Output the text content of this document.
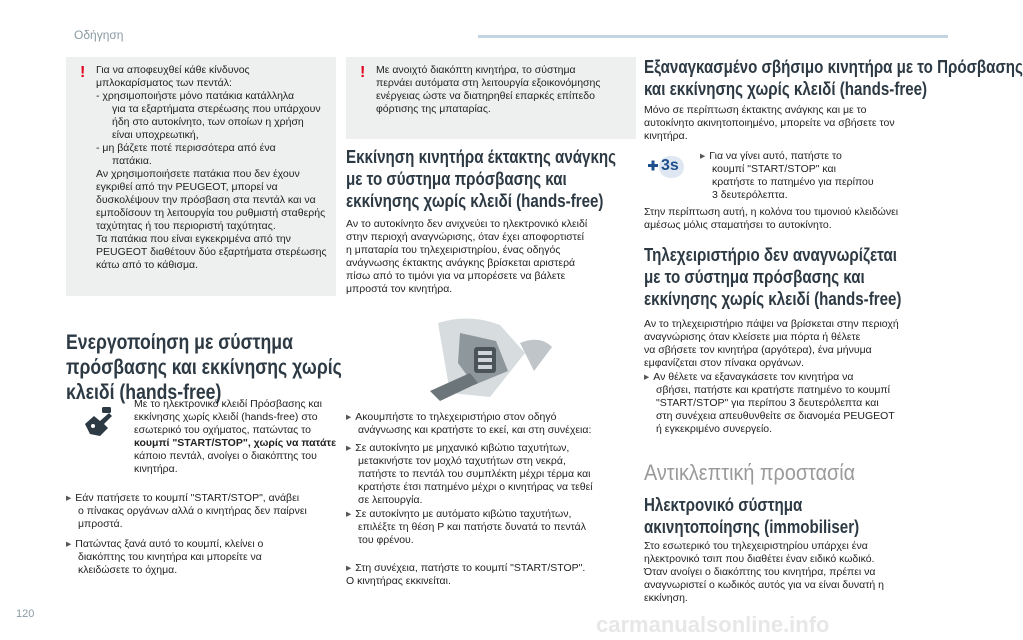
Οδήγηση
! Για να αποφευχθεί κάθε κίνδυνος
μπλοκαρίσματος των πεντάλ:
- χρησιμοποιήστε μόνο πατάκια κατάλληλα
για τα εξαρτήματα στερέωσης που υπάρχουν
ήδη στο αυτοκίνητο, των οποίων η χρήση
είναι υποχρεωτική,
- μη βάζετε ποτέ περισσότερα από ένα
πατάκια.
Αν χρησιμοποιήσετε πατάκια που δεν έχουν
εγκριθεί από την PEUGEOT, μπορεί να
δυσκολέψουν την πρόσβαση στα πεντάλ και να
εμποδίσουν τη λειτουργία του ρυθμιστή σταθερής
ταχύτητας ή του περιοριστή ταχύτητας.
Τα πατάκια που είναι εγκεκριμένα από την
PEUGEOT διαθέτουν δύο εξαρτήματα στερέωσης
κάτω από το κάθισμα.
Ενεργοποίηση με σύστημα
πρόσβασης και εκκίνησης χωρίς
κλειδί (hands-free)
Με το ηλεκτρονικό κλειδί Πρόσβασης και
εκκίνησης χωρίς κλειδί (hands-free) στο
εσωτερικό του οχήματος, πατώντας το
κουμπί "START/STOP", χωρίς να πατάτε
κάποιο πεντάλ, ανοίγει ο διακόπτης του
κινητήρα.
▸ Εάν πατήσετε το κουμπί "START/STOP", ανάβει
ο πίνακας οργάνων αλλά ο κινητήρας δεν παίρνει
μπροστά.
▸ Πατώντας ξανά αυτό το κουμπί, κλείνει ο
διακόπτης του κινητήρα και μπορείτε να
κλειδώσετε το όχημα.
! Με ανοιχτό διακόπτη κινητήρα, το σύστημα
περνάει αυτόματα στη λειτουργία εξοικονόμησης
ενέργειας ώστε να διατηρηθεί επαρκές επίπεδο
φόρτισης της μπαταρίας.
Εκκίνηση κινητήρα έκτακτης ανάγκης
με το σύστημα πρόσβασης και
εκκίνησης χωρίς κλειδί (hands-free)
Αν το αυτοκίνητο δεν ανιχνεύει το ηλεκτρονικό κλειδί
στην περιοχή αναγνώρισης, όταν έχει αποφορτιστεί
η μπαταρία του τηλεχειριστηρίου, ένας οδηγός
ανάγνωσης έκτακτης ανάγκης βρίσκεται αριστερά
πίσω από το τιμόνι για να μπορέσετε να βάλετε
μπροστά τον κινητήρα.
▸ Ακουμπήστε το τηλεχειριστήριο στον οδηγό
ανάγνωσης και κρατήστε το εκεί, και στη συνέχεια:
▸ Σε αυτοκίνητο με μηχανικό κιβώτιο ταχυτήτων,
μετακινήστε τον μοχλό ταχυτήτων στη νεκρά,
πατήστε το πεντάλ του συμπλέκτη μέχρι τέρμα και
κρατήστε έτσι πατημένο μέχρι ο κινητήρας να τεθεί
σε λειτουργία.
▸ Σε αυτοκίνητο με αυτόματο κιβώτιο ταχυτήτων,
επιλέξτε τη θέση P και πατήστε δυνατά το πεντάλ
του φρένου.
▸ Στη συνέχεια, πατήστε το κουμπί "START/STOP".
Ο κινητήρας εκκινείται.
Εξαναγκασμένο σβήσιμο κινητήρα με το Πρόσβασης
και εκκίνησης χωρίς κλειδί (hands-free)
Μόνο σε περίπτωση έκτακτης ανάγκης και με το
αυτοκίνητο ακινητοποιημένο, μπορείτε να σβήσετε τον
κινητήρα.
3s
▸ Για να γίνει αυτό, πατήστε το
κουμπί "START/STOP" και
κρατήστε το πατημένο για περίπου
3 δευτερόλεπτα.
Στην περίπτωση αυτή, η κολόνα του τιμονιού κλειδώνει
αμέσως μόλις σταματήσει το αυτοκίνητο.
Τηλεχειριστήριο δεν αναγνωρίζεται
με το σύστημα πρόσβασης και
εκκίνησης χωρίς κλειδί (hands-free)
Αν το τηλεχειριστήριο πάψει να βρίσκεται στην περιοχή
αναγνώρισης όταν κλείσετε μια πόρτα ή θέλετε
να σβήσετε τον κινητήρα (αργότερα), ένα μήνυμα
εμφανίζεται στον πίνακα οργάνων.
▸ Αν θέλετε να εξαναγκάσετε τον κινητήρα να
σβήσει, πατήστε και κρατήστε πατημένο το κουμπί
"START/STOP" για περίπου 3 δευτερόλεπτα και
στη συνέχεια απευθυνθείτε σε διανομέα PEUGEOT
ή εγκεκριμένο συνεργείο.
Αντικλεπτική προστασία
Ηλεκτρονικό σύστημα
ακινητοποίησης (immobiliser)
Στο εσωτερικό του τηλεχειριστηρίου υπάρχει ένα
ηλεκτρονικό τσιπ που διαθέτει έναν ειδικό κωδικό.
Όταν ανοίγει ο διακόπτης του κινητήρα, πρέπει να
αναγνωριστεί ο κωδικός αυτός για να είναι δυνατή η
εκκίνηση.
120	carmanualsonline.info
